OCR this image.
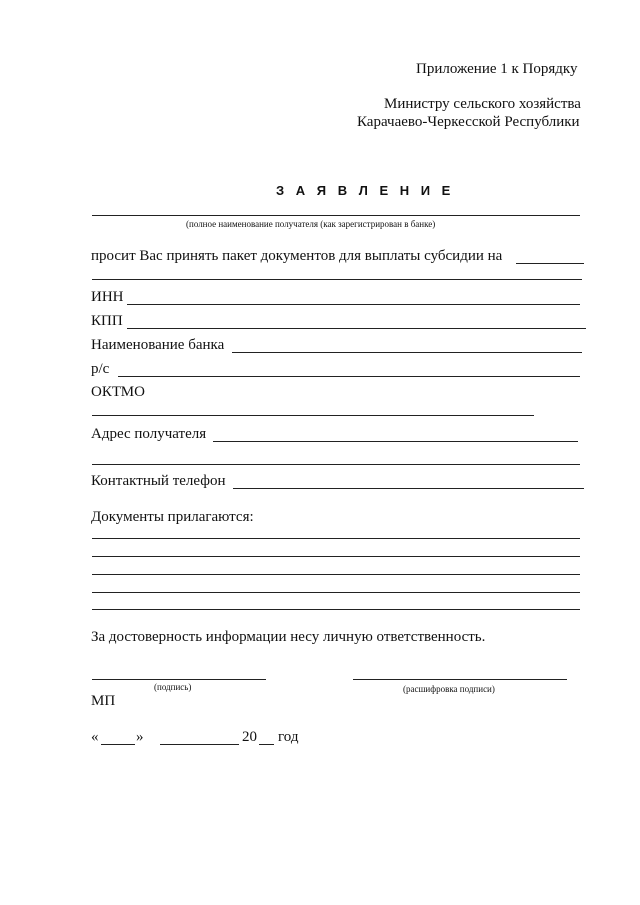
Приложение 1 к Порядку
Министру сельского хозяйства
Карачаево-Черкесской Республики
З А Я В Л Е Н И Е
(полное наименование получателя (как зарегистрирован в банке)
просит Вас принять пакет документов для выплаты субсидии на
ИНН
КПП
Наименование банка
р/с
ОКТМО
Адрес получателя
Контактный телефон
Документы прилагаются:
За достоверность информации несу личную ответственность.
(подпись)	(расшифровка подписи)
МП
«	»	20 год
